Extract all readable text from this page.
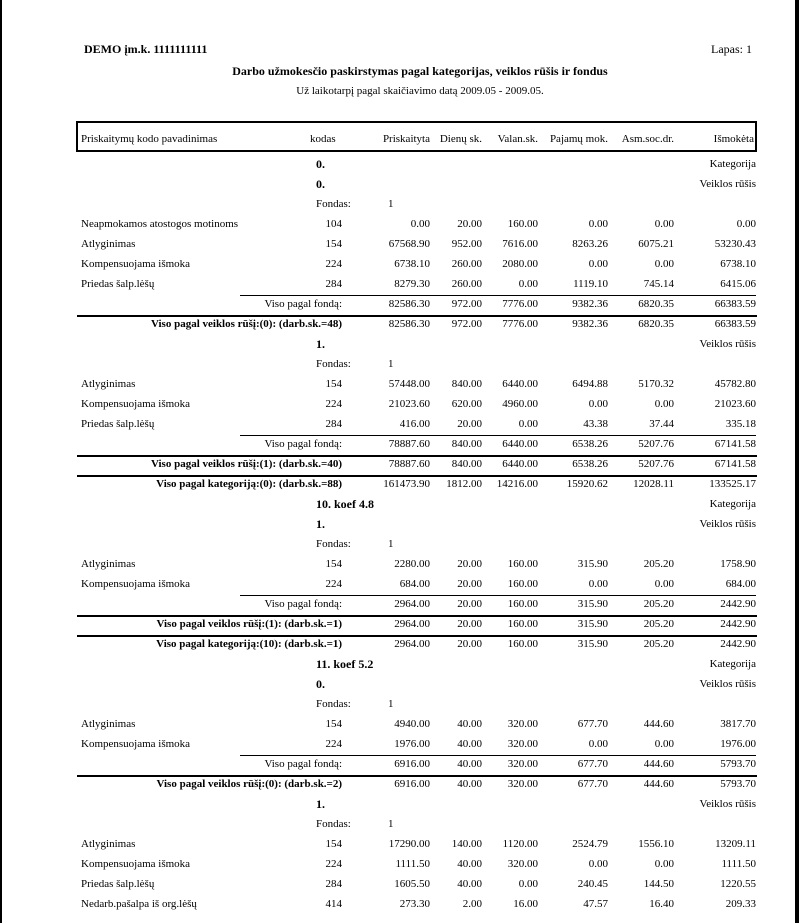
DEMO įm.k. 1111111111	Lapas: 1
Darbo užmokesčio paskirstymas pagal kategorijas, veiklos rūšis ir fondus
Už laikotarpį pagal skaičiavimo datą 2009.05 - 2009.05.
Priskaitymų kodo pavadinimas	kodas	Priskaityta Dienų sk.	Valan.sk.	Pajamų mok.	Asm.soc.dr.	Išmokėta
0.	Kategorija
0.	Veiklos rūšis
Fondas:	1
Neapmokamos atostogos motinoms	104	0.00	20.00	160.00	0.00	0.00	0.00
Atlyginimas	154	67568.90	952.00	7616.00	8263.26	6075.21	53230.43
Kompensuojama išmoka	224	6738.10	260.00	2080.00	0.00	0.00	6738.10
Priedas šalp.lėšų	284	8279.30	260.00	0.00	1119.10	745.14	6415.06
Viso pagal fondą:	82586.30	972.00	7776.00	9382.36	6820.35	66383.59
Viso pagal veiklos rūšį:(0): (darb.sk.=48)	82586.30	972.00	7776.00	9382.36	6820.35	66383.59
1.	Veiklos rūšis
Fondas:	1
Atlyginimas	154	57448.00	840.00	6440.00	6494.88	5170.32	45782.80
Kompensuojama išmoka	224	21023.60	620.00	4960.00	0.00	0.00	21023.60
Priedas šalp.lėšų	284	416.00	20.00	0.00	43.38	37.44	335.18
Viso pagal fondą:	78887.60	840.00	6440.00	6538.26	5207.76	67141.58
Viso pagal veiklos rūšį:(1): (darb.sk.=40)	78887.60	840.00	6440.00	6538.26	5207.76	67141.58
Viso pagal kategoriją:(0): (darb.sk.=88)	161473.90	1812.00	14216.00	15920.62	12028.11	133525.17
10. koef 4.8	Kategorija
1.	Veiklos rūšis
Fondas:	1
Atlyginimas	154	2280.00	20.00	160.00	315.90	205.20	1758.90
Kompensuojama išmoka	224	684.00	20.00	160.00	0.00	0.00	684.00
Viso pagal fondą:	2964.00	20.00	160.00	315.90	205.20	2442.90
Viso pagal veiklos rūšį:(1): (darb.sk.=1)	2964.00	20.00	160.00	315.90	205.20	2442.90
Viso pagal kategoriją:(10): (darb.sk.=1)	2964.00	20.00	160.00	315.90	205.20	2442.90
11. koef 5.2	Kategorija
0.	Veiklos rūšis
Fondas:	1
Atlyginimas	154	4940.00	40.00	320.00	677.70	444.60	3817.70
Kompensuojama išmoka	224	1976.00	40.00	320.00	0.00	0.00	1976.00
Viso pagal fondą:	6916.00	40.00	320.00	677.70	444.60	5793.70
Viso pagal veiklos rūšį:(0): (darb.sk.=2)	6916.00	40.00	320.00	677.70	444.60	5793.70
1.	Veiklos rūšis
Fondas:	1
Atlyginimas	154	17290.00	140.00	1120.00	2524.79	1556.10	13209.11
Kompensuojama išmoka	224	1111.50	40.00	320.00	0.00	0.00	1111.50
Priedas šalp.lėšų	284	1605.50	40.00	0.00	240.45	144.50	1220.55
Nedarb.pašalpa iš org.lėšų	414	273.30	2.00	16.00	47.57	16.40	209.33
